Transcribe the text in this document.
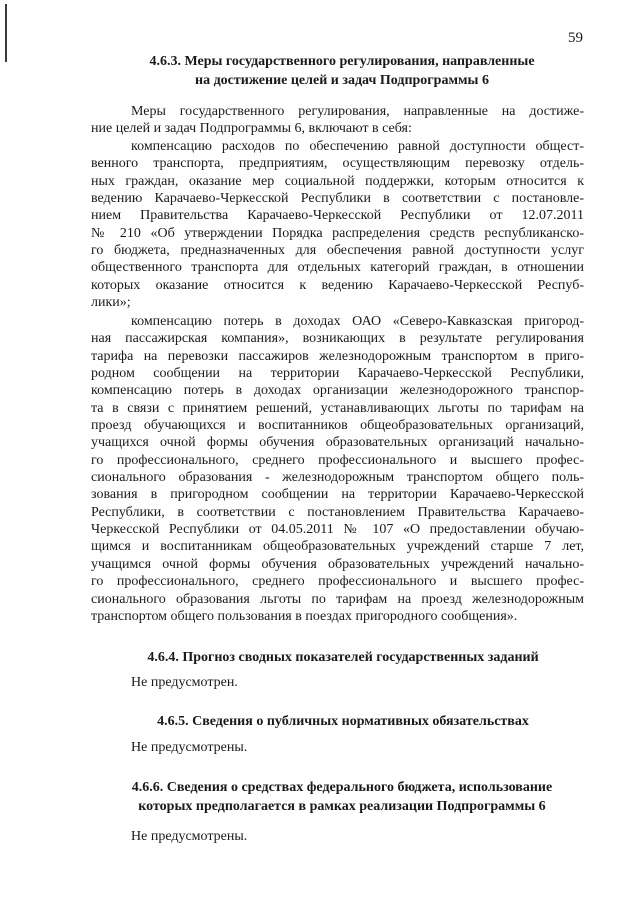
59
4.6.3. Меры государственного регулирования, направленные
на достижение целей и задач Подпрограммы 6
Меры государственного регулирования, направленные на достиже-
ние целей и задач Подпрограммы 6, включают в себя:
компенсацию расходов по обеспечению равной доступности общест-
венного транспорта, предприятиям, осуществляющим перевозку отдель-
ных граждан, оказание мер социальной поддержки, которым относится к
ведению Карачаево-Черкесской Республики в соответствии с постановле-
нием Правительства Карачаево-Черкесской Республики от 12.07.2011
№ 210 «Об утверждении Порядка распределения средств республиканско-
го бюджета, предназначенных для обеспечения равной доступности услуг
общественного транспорта для отдельных категорий граждан, в отношении
которых оказание относится к ведению Карачаево-Черкесской Респуб-
лики»;
компенсацию потерь в доходах ОАО «Северо-Кавказская пригород-
ная пассажирская компания», возникающих в результате регулирования
тарифа на перевозки пассажиров железнодорожным транспортом в приго-
родном сообщении на территории Карачаево-Черкесской Республики,
компенсацию потерь в доходах организации железнодорожного транспор-
та в связи с принятием решений, устанавливающих льготы по тарифам на
проезд обучающихся и воспитанников общеобразовательных организаций,
учащихся очной формы обучения образовательных организаций начально-
го профессионального, среднего профессионального и высшего профес-
сионального образования - железнодорожным транспортом общего поль-
зования в пригородном сообщении на территории Карачаево-Черкесской
Республики, в соответствии с постановлением Правительства Карачаево-
Черкесской Республики от 04.05.2011 № 107 «О предоставлении обучаю-
щимся и воспитанникам общеобразовательных учреждений старше 7 лет,
учащимся очной формы обучения образовательных учреждений начально-
го профессионального, среднего профессионального и высшего профес-
сионального образования льготы по тарифам на проезд железнодорожным
транспортом общего пользования в поездах пригородного сообщения».
4.6.4. Прогноз сводных показателей государственных заданий
Не предусмотрен.
4.6.5. Сведения о публичных нормативных обязательствах
Не предусмотрены.
4.6.6. Сведения о средствах федерального бюджета, использование
которых предполагается в рамках реализации Подпрограммы 6
Не предусмотрены.
